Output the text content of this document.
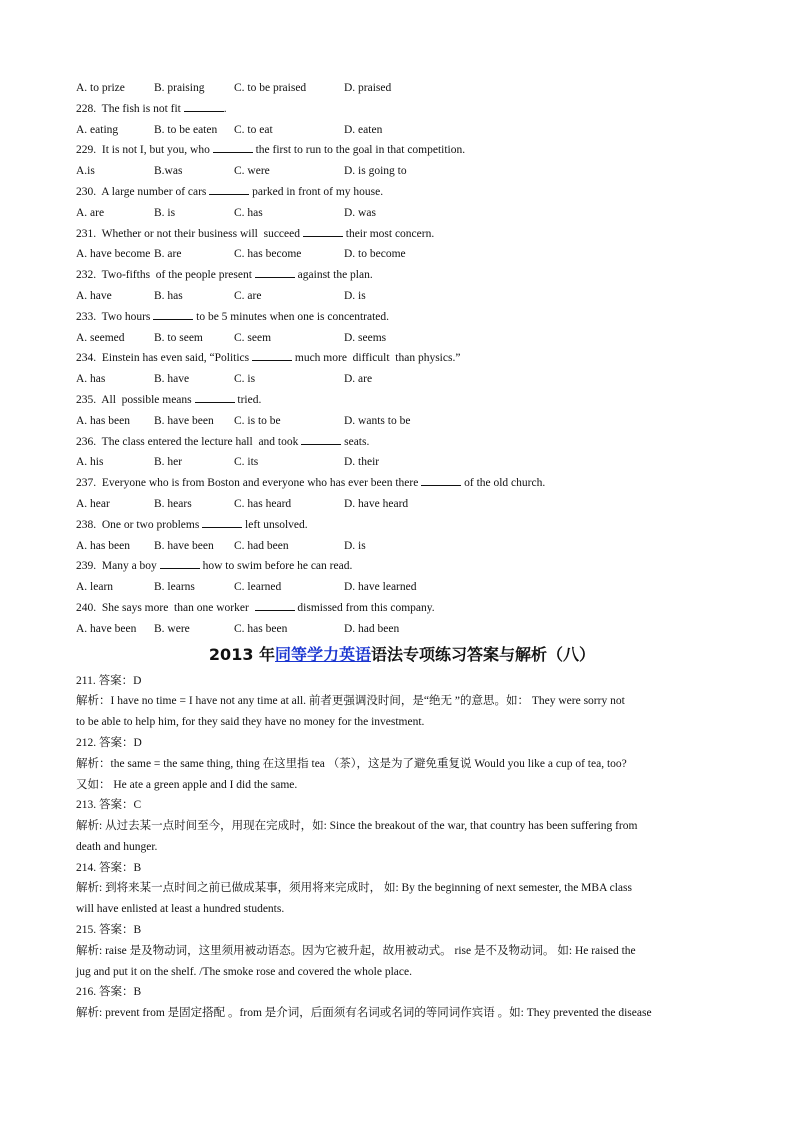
A. to prize	B. praising	C. to be praised	D. praised
228.  The fish is not fit	.
A. eating	B. to be eaten C. to eat	D. eaten
229.  It is not I, but you, who	the first to run to the goal in that competition.
A.is	B.was	C. were	D. is going to
230.  A large number of cars	parked in front of my house.
A. are	B. is	C. has	D. was
231.  Whether or not their business will  succeed	their most concern.
A. have become B. are	C. has become	D. to become
232.  Two-fifths  of the people present	against the plan.
A. have	B. has	C. are	D. is
233.  Two hours	to be 5 minutes when one is concentrated.
A. seemed	B. to seem	C. seem	D. seems
234.  Einstein has even said, “Politics	much more  difficult  than physics.”
A. has	B. have	C. is	D. are
235.  All  possible means	tried.
A. has been B. have been C. is to be	D. wants to be
236.  The class entered the lecture hall  and took	seats.
A. his	B. her	C. its	D. their
237.  Everyone who is from Boston and everyone who has ever been there	of the old church.
A. hear	B. hears	C. has heard	D. have heard
238.  One or two problems	left unsolved.
A. has been B. have been C. had been	D. is
239.  Many a boy	how to swim before he can read.
A. learn	B. learns	C. learned	D. have learned
240.  She says more  than one worker	dismissed from this company.
A. have been B. were	C. has been	D. had been
2013 年同等学力英语语法专项练习答案与解析（八）
211. 答案：D
解析：I have no time = I have not any time at all. 前者更强调没时间，是“绝无 ”的意思。如： They were sorry not
to be able to help him, for they said they have no money for the investment.
212. 答案：D
解析：the same = the same thing, thing 在这里指 tea （茶），这是为了避免重复说 Would you like a cup of tea, too?
又如： He ate a green apple and I did the same.
213. 答案：C
解析: 从过去某一点时间至今，用现在完成时，如: Since the breakout of the war, that country has been suffering from
death and hunger.
214. 答案：B
解析: 到将来某一点时间之前已做成某事，须用将来完成时， 如: By the beginning of next semester, the MBA class
will have enlisted at least a hundred students.
215. 答案：B
解析: raise 是及物动词，这里须用被动语态。因为它被升起，故用被动式。 rise 是不及物动词。 如: He raised the
jug and put it on the shelf. /The smoke rose and covered the whole place.
216. 答案：B
解析: prevent from 是固定搭配 。from 是介词，后面须有名词或名词的等同词作宾语 。如: They prevented the disease
